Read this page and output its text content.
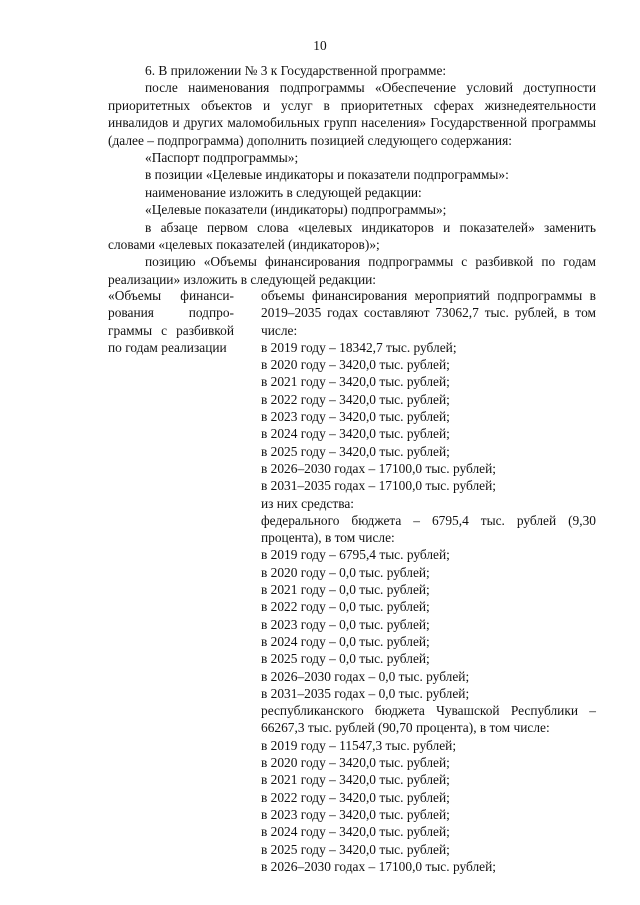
10

6. В приложении № 3 к Государственной программе:

после наименования подпрограммы «Обеспечение условий доступности приоритетных объектов и услуг в приоритетных сферах жизнедеятельности инвалидов и других маломобильных групп населения» Государственной программы (далее – подпрограмма) дополнить позицией следующего содержания:

«Паспорт подпрограммы»;

в позиции «Целевые индикаторы и показатели подпрограммы»:

наименование изложить в следующей редакции:

«Целевые показатели (индикаторы) подпрограммы»;

в абзаце первом слова «целевых индикаторов и показателей» заменить словами «целевых показателей (индикаторов)»;

позицию «Объемы финансирования подпрограммы с разбивкой по годам реализации» изложить в следующей редакции:

«Объемы финанси- рования подпро- граммы с разбивкой по годам реализации
объемы финансирования мероприятий подпрограммы в 2019–2035 годах составляют 73062,7 тыс. рублей, в том числе:
в 2019 году – 18342,7 тыс. рублей;
в 2020 году – 3420,0 тыс. рублей;
в 2021 году – 3420,0 тыс. рублей;
в 2022 году – 3420,0 тыс. рублей;
в 2023 году – 3420,0 тыс. рублей;
в 2024 году – 3420,0 тыс. рублей;
в 2025 году – 3420,0 тыс. рублей;
в 2026–2030 годах – 17100,0 тыс. рублей;
в 2031–2035 годах – 17100,0 тыс. рублей;
из них средства:
федерального бюджета – 6795,4 тыс. рублей (9,30 процента), в том числе:
в 2019 году – 6795,4 тыс. рублей;
в 2020 году – 0,0 тыс. рублей;
в 2021 году – 0,0 тыс. рублей;
в 2022 году – 0,0 тыс. рублей;
в 2023 году – 0,0 тыс. рублей;
в 2024 году – 0,0 тыс. рублей;
в 2025 году – 0,0 тыс. рублей;
в 2026–2030 годах – 0,0 тыс. рублей;
в 2031–2035 годах – 0,0 тыс. рублей;
республиканского бюджета Чувашской Республики – 66267,3 тыс. рублей (90,70 процента), в том числе:
в 2019 году – 11547,3 тыс. рублей;
в 2020 году – 3420,0 тыс. рублей;
в 2021 году – 3420,0 тыс. рублей;
в 2022 году – 3420,0 тыс. рублей;
в 2023 году – 3420,0 тыс. рублей;
в 2024 году – 3420,0 тыс. рублей;
в 2025 году – 3420,0 тыс. рублей;
в 2026–2030 годах – 17100,0 тыс. рублей;
